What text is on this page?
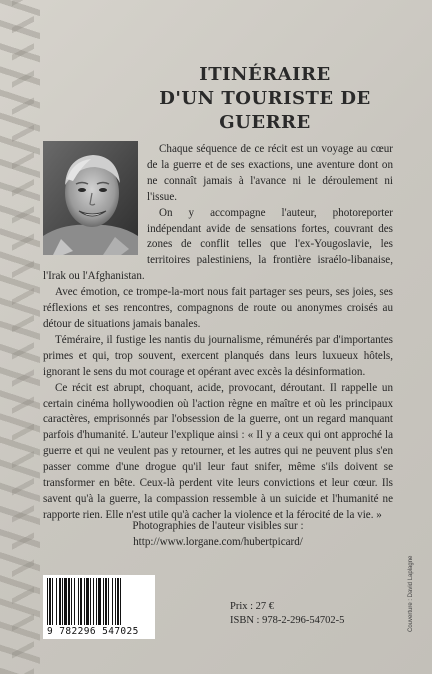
ITINÉRAIRE
D'UN TOURISTE DE GUERRE

Chaque séquence de ce récit est un voyage au cœur de la guerre et de ses exactions, une aventure dont on ne connaît jamais à l'avance ni le déroulement ni l'issue.

On y accompagne l'auteur, photoreporter indépendant avide de sensations fortes, couvrant des zones de conflit telles que l'ex-Yougoslavie, les territoires palestiniens, la frontière israélo-libanaise, l'Irak ou l'Afghanistan.

Avec émotion, ce trompe-la-mort nous fait partager ses peurs, ses joies, ses réflexions et ses rencontres, compagnons de route ou anonymes croisés au détour de situations jamais banales.

Téméraire, il fustige les nantis du journalisme, rémunérés par d'importantes primes et qui, trop souvent, exercent planqués dans leurs luxueux hôtels, ignorant le sens du mot courage et opérant avec excès la désinformation.

Ce récit est abrupt, choquant, acide, provocant, déroutant. Il rappelle un certain cinéma hollywoodien où l'action règne en maître et où les principaux caractères, emprisonnés par l'obsession de la guerre, ont un regard manquant parfois d'humanité. L'auteur l'explique ainsi : « Il y a ceux qui ont approché la guerre et qui ne veulent pas y retourner, et les autres qui ne peuvent plus s'en passer comme d'une drogue qu'il leur faut snifer, même s'ils doivent se transformer en bête. Ceux-là perdent vite leurs convictions et leur cœur. Ils savent qu'à la guerre, la compassion ressemble à un suicide et l'humanité ne rapporte rien. Elle n'est utile qu'à cacher la violence et la férocité de la vie. »

Photographies de l'auteur visibles sur :
http://www.lorgane.com/hubertpicard/
9 782296 547025
Prix : 27 €
ISBN : 978-2-296-54702-5	Couverture : David Laplagne
